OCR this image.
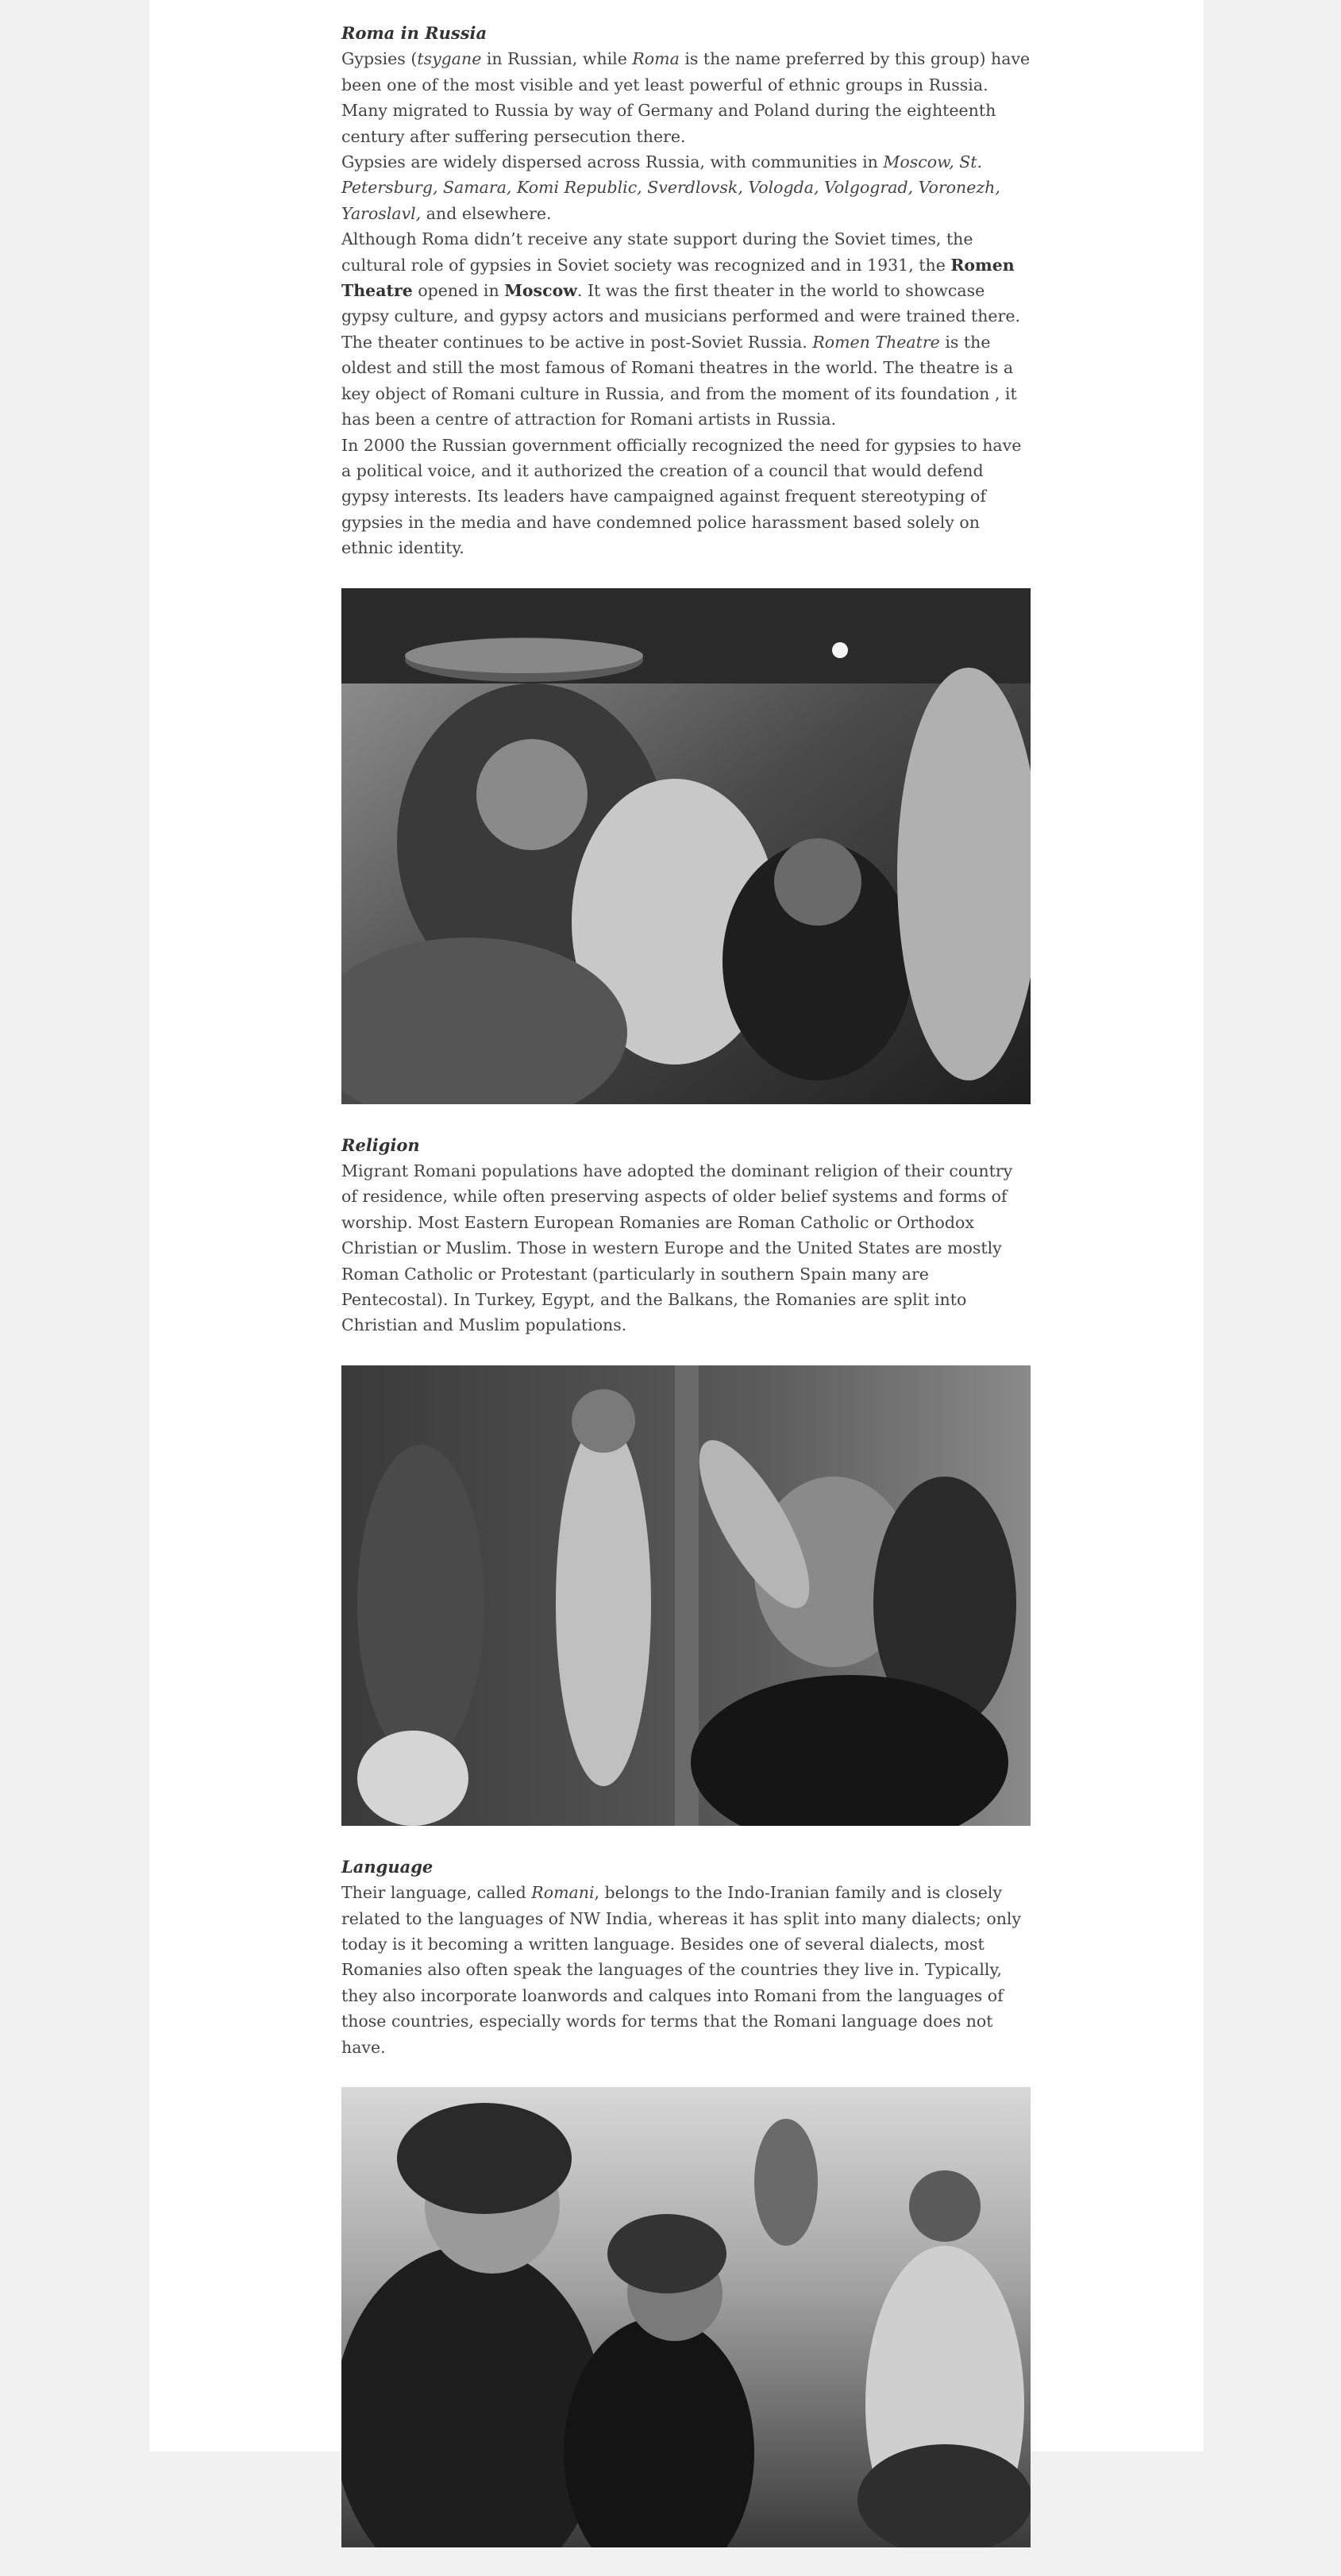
Roma in Russia

Gypsies (tsygane in Russian, while Roma is the name preferred by this group) have been one of the most visible and yet least powerful of ethnic groups in Russia. Many migrated to Russia by way of Germany and Poland during the eighteenth century after suffering persecution there.

Gypsies are widely dispersed across Russia, with communities in Moscow, St. Petersburg, Samara, Komi Republic, Sverdlovsk, Vologda, Volgograd, Voronezh, Yaroslavl, and elsewhere.

Although Roma didn’t receive any state support during the Soviet times, the cultural role of gypsies in Soviet society was recognized and in 1931, the Romen Theatre opened in Moscow. It was the first theater in the world to showcase gypsy culture, and gypsy actors and musicians performed and were trained there. The theater continues to be active in post-Soviet Russia. Romen Theatre is the oldest and still the most famous of Romani theatres in the world. The theatre is a key object of Romani culture in Russia, and from the moment of its foundation , it has been a centre of attraction for Romani artists in Russia.

In 2000 the Russian government officially recognized the need for gypsies to have a political voice, and it authorized the creation of a council that would defend gypsy interests. Its leaders have campaigned against frequent stereotyping of gypsies in the media and have condemned police harassment based solely on ethnic identity.

Religion

Migrant Romani populations have adopted the dominant religion of their country of residence, while often preserving aspects of older belief systems and forms of worship. Most Eastern European Romanies are Roman Catholic or Orthodox Christian or Muslim. Those in western Europe and the United States are mostly Roman Catholic or Protestant (particularly in southern Spain many are Pentecostal). In Turkey, Egypt, and the Balkans, the Romanies are split into Christian and Muslim populations.

Language

Their language, called Romani, belongs to the Indo-Iranian family and is closely related to the languages of NW India, whereas it has split into many dialects; only today is it becoming a written language. Besides one of several dialects, most Romanies also often speak the languages of the countries they live in. Typically, they also incorporate loanwords and calques into Romani from the languages of those countries, especially words for terms that the Romani language does not have.
